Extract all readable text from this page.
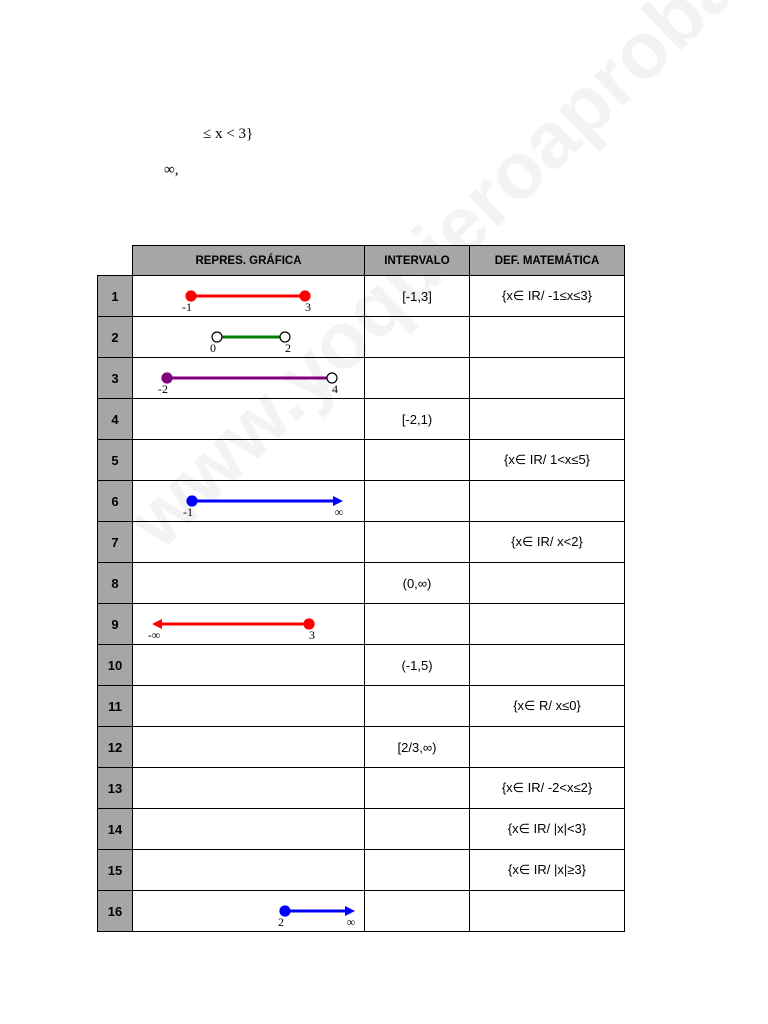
≤ x < 3}
∞,
	REPRES. GRÁFICA	INTERVALO	DEF. MATEMÁTICA
1	-1 3	[-1,3]	{x∈ IR/ -1≤x≤3}
2	0 2		

3	-2 4		

4		[-2,1)	
5			{x∈ IR/ 1<x≤5}
6	-1 ∞		

7			{x∈ IR/ x<2}
8		(0,∞)	
9	-∞ 3		

10		(-1,5)	
11			{x∈ R/ x≤0}
12		[2/3,∞)	
13			{x∈ IR/ -2<x≤2}
14			{x∈ IR/ |x|<3}
15			{x∈ IR/ |x|≥3}
16	2 ∞		
